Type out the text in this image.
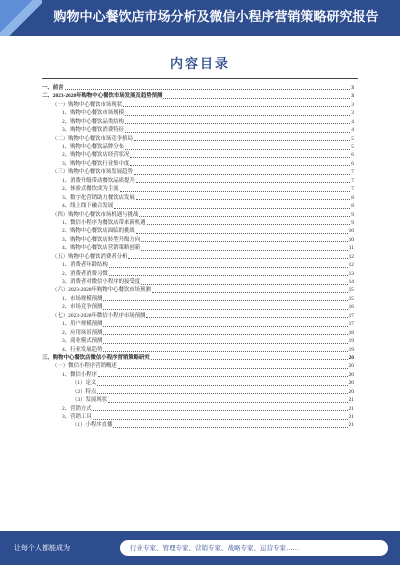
购物中心餐饮店市场分析及微信小程序营销策略研究报告
内容目录
一、前言	3
二、2023-2028年购物中心餐饮市场发展及趋势预测	3
（一）购物中心餐饮市场现状	3
1、购物中心餐饮市场规模	3
2、购物中心餐饮品类结构	4
3、购物中心餐饮消费特征	4
（二）购物中心餐饮市场竞争格局	5
1、购物中心餐饮品牌分布	5
2、购物中心餐饮店经营状况	6
3、购物中心餐饮行业集中度	6
（三）购物中心餐饮市场发展趋势	7
1、消费升级带动餐饮品质提升	7
2、体验式餐饮成为主流	7
3、数字化营销助力餐饮店发展	8
4、线上线下融合发展	8
（四）购物中心餐饮市场机遇与挑战	9
1、微信小程序为餐饮店带来新机遇	9
2、购物中心餐饮店面临的挑战	10
3、购物中心餐饮店转型升级方向	10
4、购物中心餐饮店营销策略创新	11
（五）购物中心餐饮消费者分析	12
1、消费者年龄结构	12
2、消费者消费习惯	13
3、消费者对微信小程序的接受度	14
（六）2023-2028年购物中心餐饮市场预测	15
1、市场规模预测	15
2、市场竞争预测	16
（七）2023-2028年微信小程序市场预测	17
1、用户规模预测	17
2、应用场景预测	18
3、商业模式预测	19
4、行业发展趋势	19
三、购物中心餐饮店微信小程序营销策略研究	20
（一）微信小程序营销概述	20
1、微信小程序	20
（1）定义	20
（2）特点	20
（3）发展现状	21
2、营销方式	21
3、营销工具	21
（1）小程序直播	21
让每个人都能成为	行业专家、管理专家、营销专家、战略专家、运营专家……
